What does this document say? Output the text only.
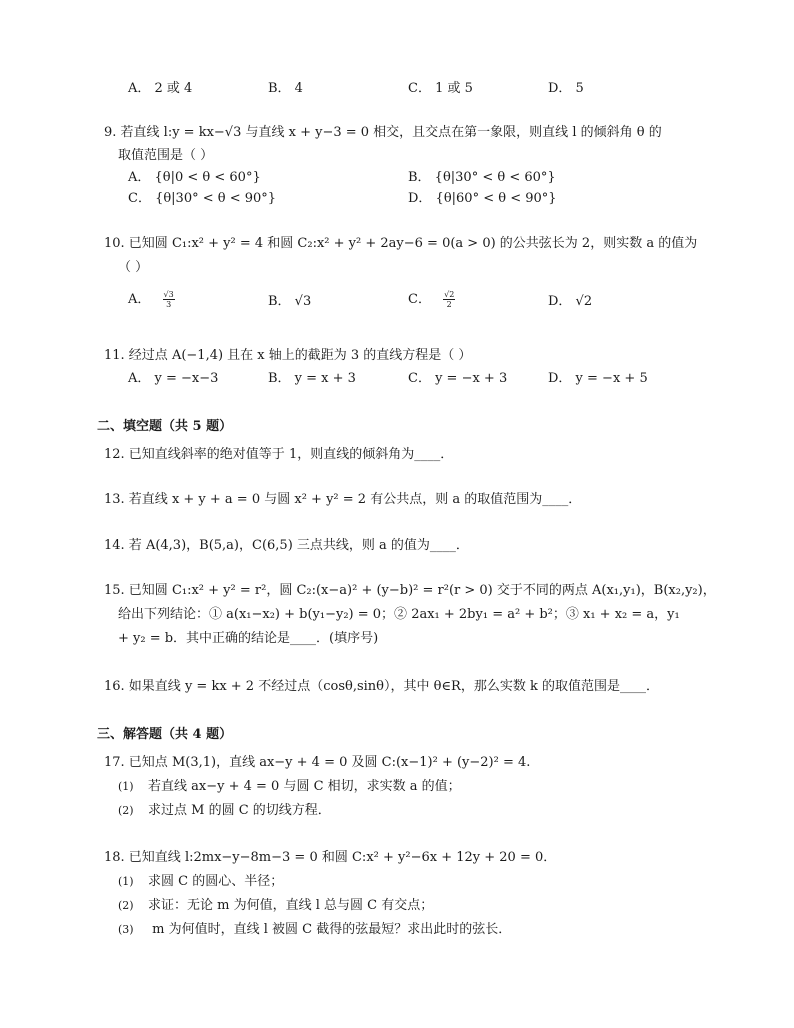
A． 2 或 4	B． 4	C． 1 或 5	D． 5
9. 若直线 l:y = kx−√3 与直线 x + y−3 = 0 相交，且交点在第一象限，则直线 l 的倾斜角 θ 的
取值范围是（ ）
A． {θ|0 < θ < 60°}	B． {θ|30° < θ < 60°}
C． {θ|30° < θ < 90°}	D． {θ|60° < θ < 90°}
10. 已知圆 C₁:x² + y² = 4 和圆 C₂:x² + y² + 2ay−6 = 0(a > 0) 的公共弦长为 2，则实数 a 的值为
（ ）
A． $\frac{√3}{3}$	B． √3	C． $\frac{√2}{2}$	D． √2
11. 经过点 A(−1,4) 且在 x 轴上的截距为 3 的直线方程是（ ）
A． y = −x−3	B． y = x + 3	C． y = −x + 3	D． y = −x + 5
二、填空题（共 5 题）
12. 已知直线斜率的绝对值等于 1，则直线的倾斜角为____．
13. 若直线 x + y + a = 0 与圆 x² + y² = 2 有公共点，则 a 的取值范围为____．
14. 若 A(4,3)，B(5,a)，C(6,5) 三点共线，则 a 的值为____．
15. 已知圆 C₁:x² + y² = r²，圆 C₂:(x−a)² + (y−b)² = r²(r > 0) 交于不同的两点 A(x₁,y₁)，B(x₂,y₂)，
给出下列结论：① a(x₁−x₂) + b(y₁−y₂) = 0；② 2ax₁ + 2by₁ = a² + b²；③ x₁ + x₂ = a，y₁
+ y₂ = b．其中正确的结论是____．(填序号)
16. 如果直线 y = kx + 2 不经过点（cosθ,sinθ），其中 θ∈R，那么实数 k 的取值范围是____．
三、解答题（共 4 题）
17. 已知点 M(3,1)，直线 ax−y + 4 = 0 及圆 C:(x−1)² + (y−2)² = 4.
(1) 若直线 ax−y + 4 = 0 与圆 C 相切，求实数 a 的值；
(2) 求过点 M 的圆 C 的切线方程．
18. 已知直线 l:2mx−y−8m−3 = 0 和圆 C:x² + y²−6x + 12y + 20 = 0．
(1) 求圆 C 的圆心、半径；
(2) 求证：无论 m 为何值，直线 l 总与圆 C 有交点；
(3) m 为何值时，直线 l 被圆 C 截得的弦最短？求出此时的弦长．
